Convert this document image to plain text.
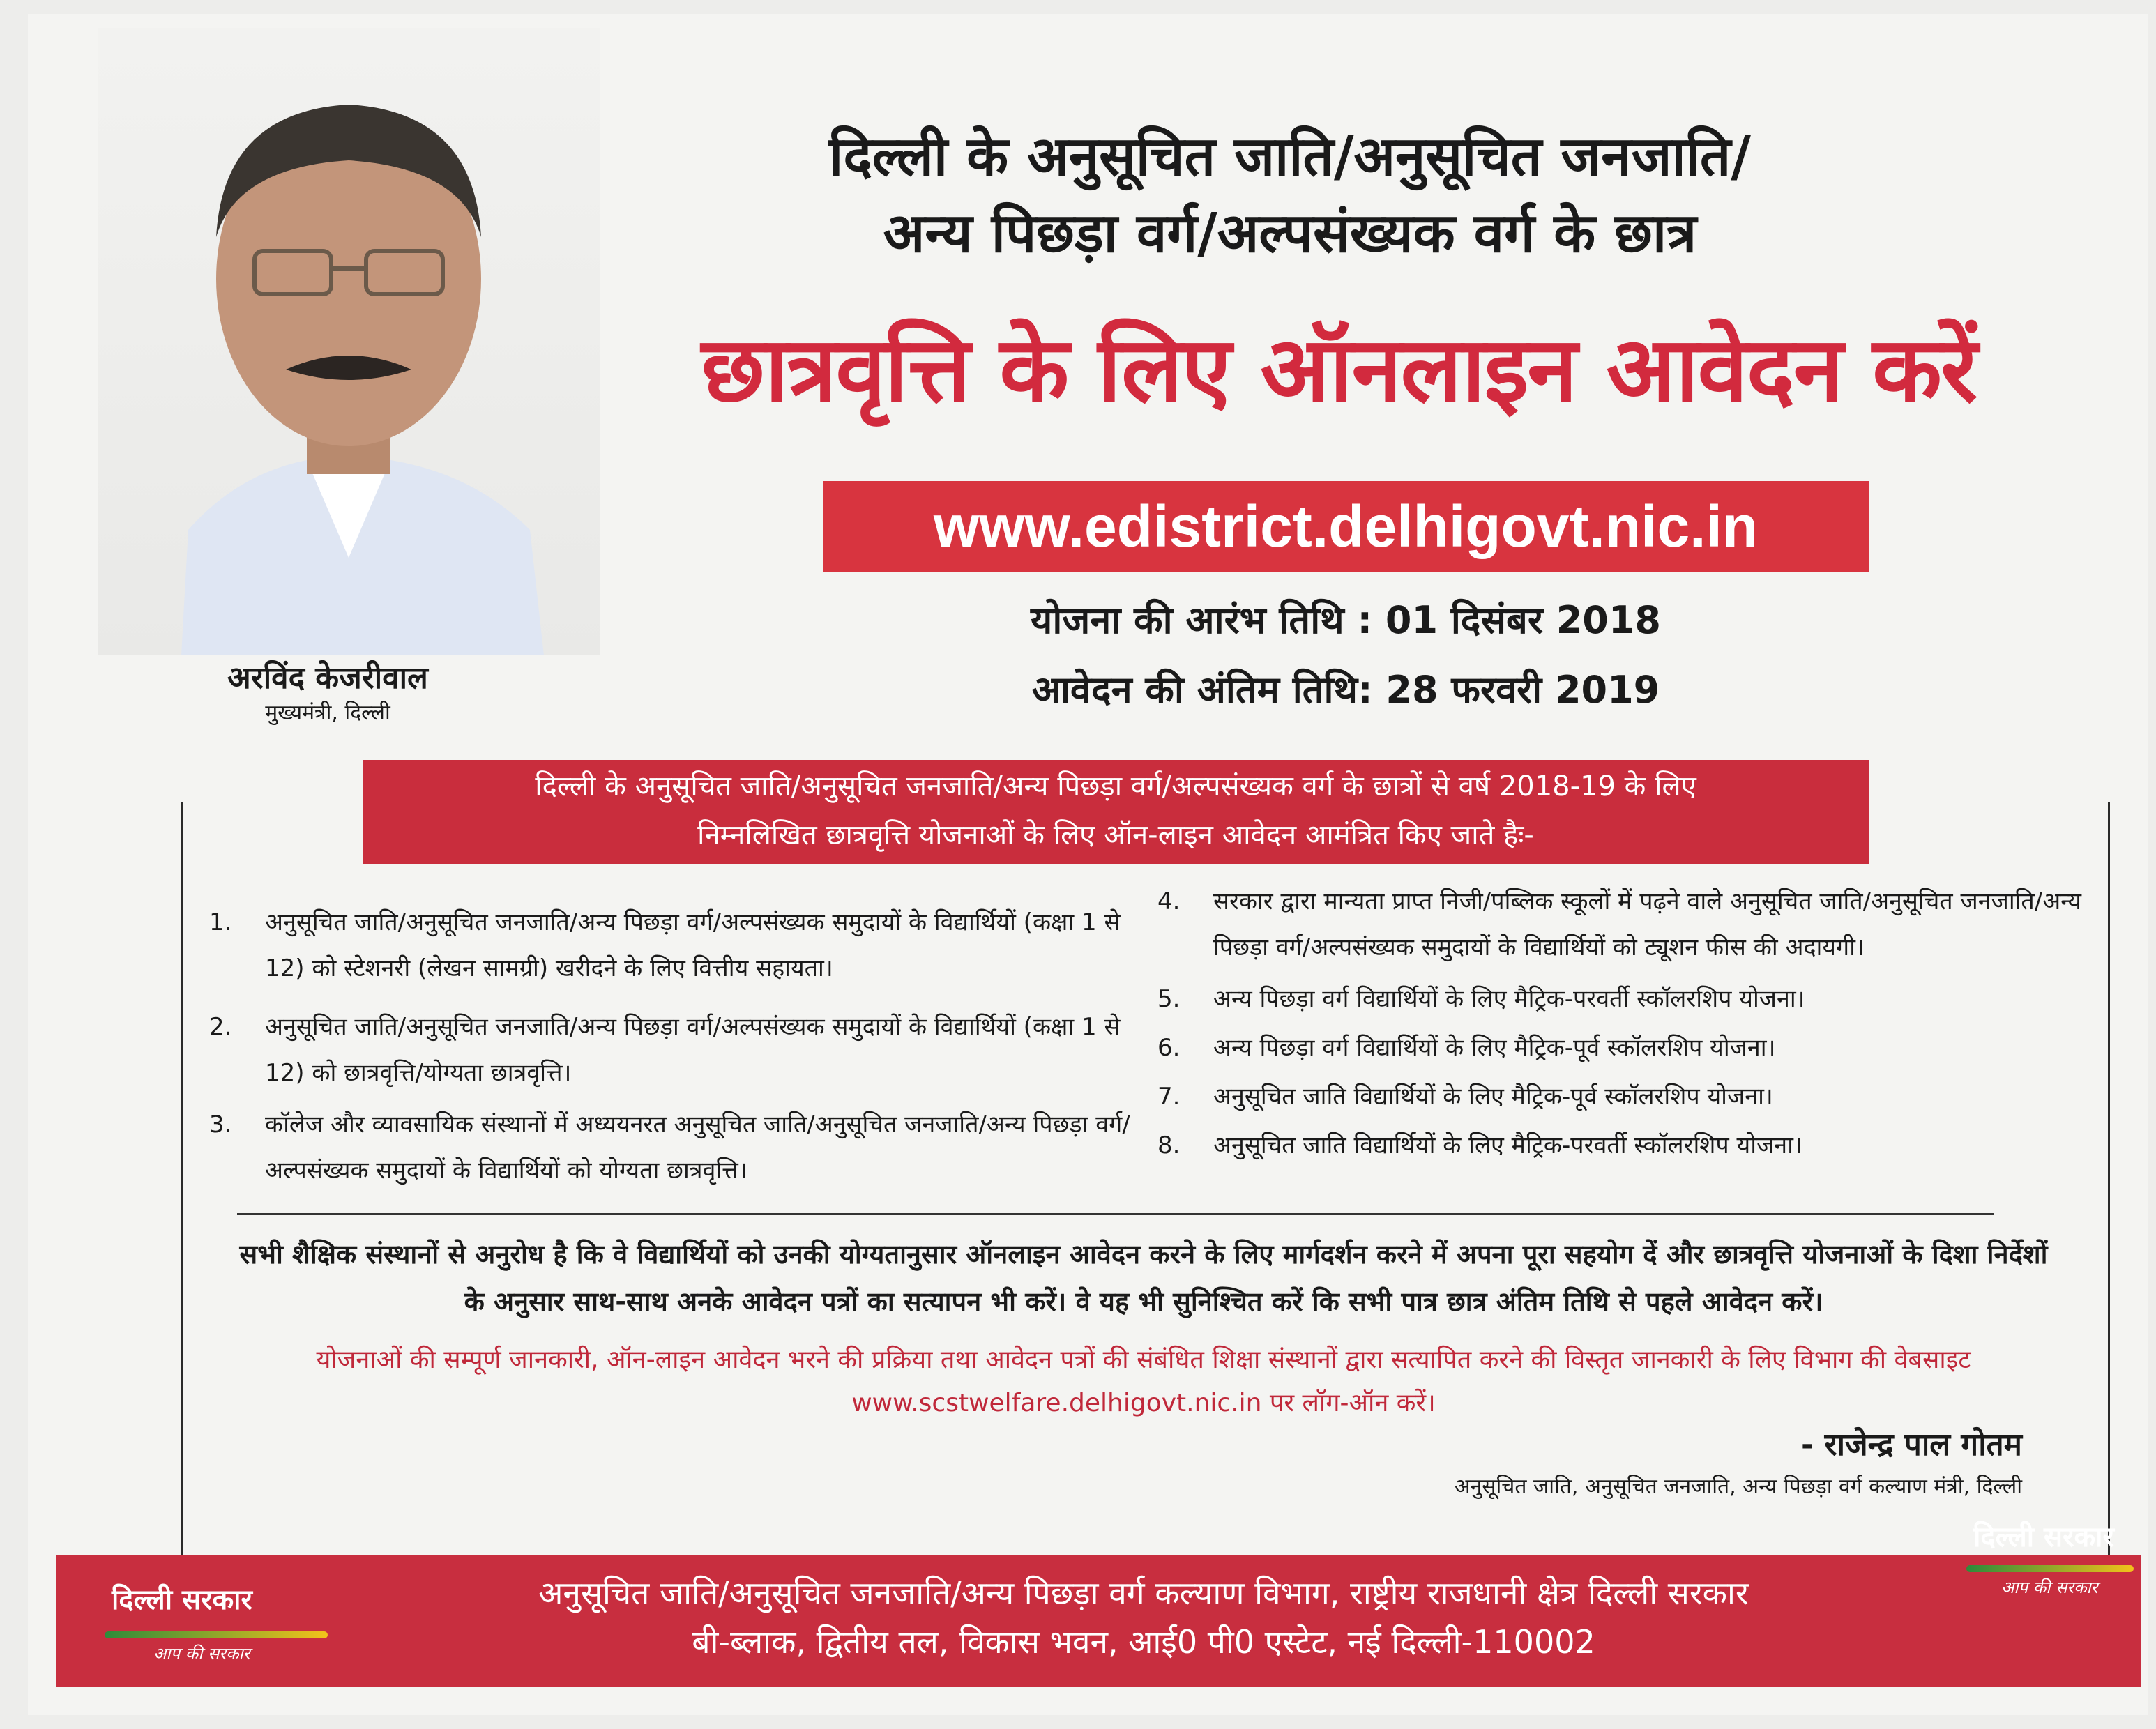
अरविंद केजरीवाल
मुख्यमंत्री, दिल्ली
दिल्ली के अनुसूचित जाति/अनुसूचित जनजाति/
अन्य पिछड़ा वर्ग/अल्पसंख्यक वर्ग के छात्र
छात्रवृत्ति के लिए ऑनलाइन आवेदन करें
www.edistrict.delhigovt.nic.in
योजना की आरंभ तिथि : 01 दिसंबर 2018
आवेदन की अंतिम तिथि: 28 फरवरी 2019
दिल्ली के अनुसूचित जाति/अनुसूचित जनजाति/अन्य पिछड़ा वर्ग/अल्पसंख्यक वर्ग के छात्रों से वर्ष 2018-19 के लिए
निम्नलिखित छात्रवृत्ति योजनाओं के लिए ऑन-लाइन आवेदन आमंत्रित किए जाते हैः-
1.	अनुसूचित जाति/अनुसूचित जनजाति/अन्य पिछड़ा वर्ग/अल्पसंख्यक समुदायों के विद्यार्थियों (कक्षा 1 से 12) को स्टेशनरी (लेखन सामग्री) खरीदने के लिए वित्तीय सहायता।
2.	अनुसूचित जाति/अनुसूचित जनजाति/अन्य पिछड़ा वर्ग/अल्पसंख्यक समुदायों के विद्यार्थियों (कक्षा 1 से 12) को छात्रवृत्ति/योग्यता छात्रवृत्ति।
3.	कॉलेज और व्यावसायिक संस्थानों में अध्ययनरत अनुसूचित जाति/अनुसूचित जनजाति/अन्य पिछड़ा वर्ग/अल्पसंख्यक समुदायों के विद्यार्थियों को योग्यता छात्रवृत्ति।
4.	सरकार द्वारा मान्यता प्राप्त निजी/पब्लिक स्कूलों में पढ़ने वाले अनुसूचित जाति/अनुसूचित जनजाति/अन्य पिछड़ा वर्ग/अल्पसंख्यक समुदायों के विद्यार्थियों को ट्यूशन फीस की अदायगी।
5.	अन्य पिछड़ा वर्ग विद्यार्थियों के लिए मैट्रिक-परवर्ती स्कॉलरशिप योजना।
6.	अन्य पिछड़ा वर्ग विद्यार्थियों के लिए मैट्रिक-पूर्व स्कॉलरशिप योजना।
7.	अनुसूचित जाति विद्यार्थियों के लिए मैट्रिक-पूर्व स्कॉलरशिप योजना।
8.	अनुसूचित जाति विद्यार्थियों के लिए मैट्रिक-परवर्ती स्कॉलरशिप योजना।
सभी शैक्षिक संस्थानों से अनुरोध है कि वे विद्यार्थियों को उनकी योग्यतानुसार ऑनलाइन आवेदन करने के लिए मार्गदर्शन करने में अपना पूरा सहयोग दें और छात्रवृत्ति योजनाओं के दिशा निर्देशों के अनुसार साथ-साथ अनके आवेदन पत्रों का सत्यापन भी करें। वे यह भी सुनिश्चित करें कि सभी पात्र छात्र अंतिम तिथि से पहले आवेदन करें।
योजनाओं की सम्पूर्ण जानकारी, ऑन-लाइन आवेदन भरने की प्रक्रिया तथा आवेदन पत्रों की संबंधित शिक्षा संस्थानों द्वारा सत्यापित करने की विस्तृत जानकारी के लिए विभाग की वेबसाइट www.scstwelfare.delhigovt.nic.in पर लॉग-ऑन करें।
- राजेन्द्र पाल गोतम
अनुसूचित जाति, अनुसूचित जनजाति, अन्य पिछड़ा वर्ग कल्याण मंत्री, दिल्ली
दिल्ली सरकार
आप की सरकार
दिल्ली सरकार
आप की सरकार
अनुसूचित जाति/अनुसूचित जनजाति/अन्य पिछड़ा वर्ग कल्याण विभाग, राष्ट्रीय राजधानी क्षेत्र दिल्ली सरकार
बी-ब्लाक, द्वितीय तल, विकास भवन, आई0 पी0 एस्टेट, नई दिल्ली-110002
